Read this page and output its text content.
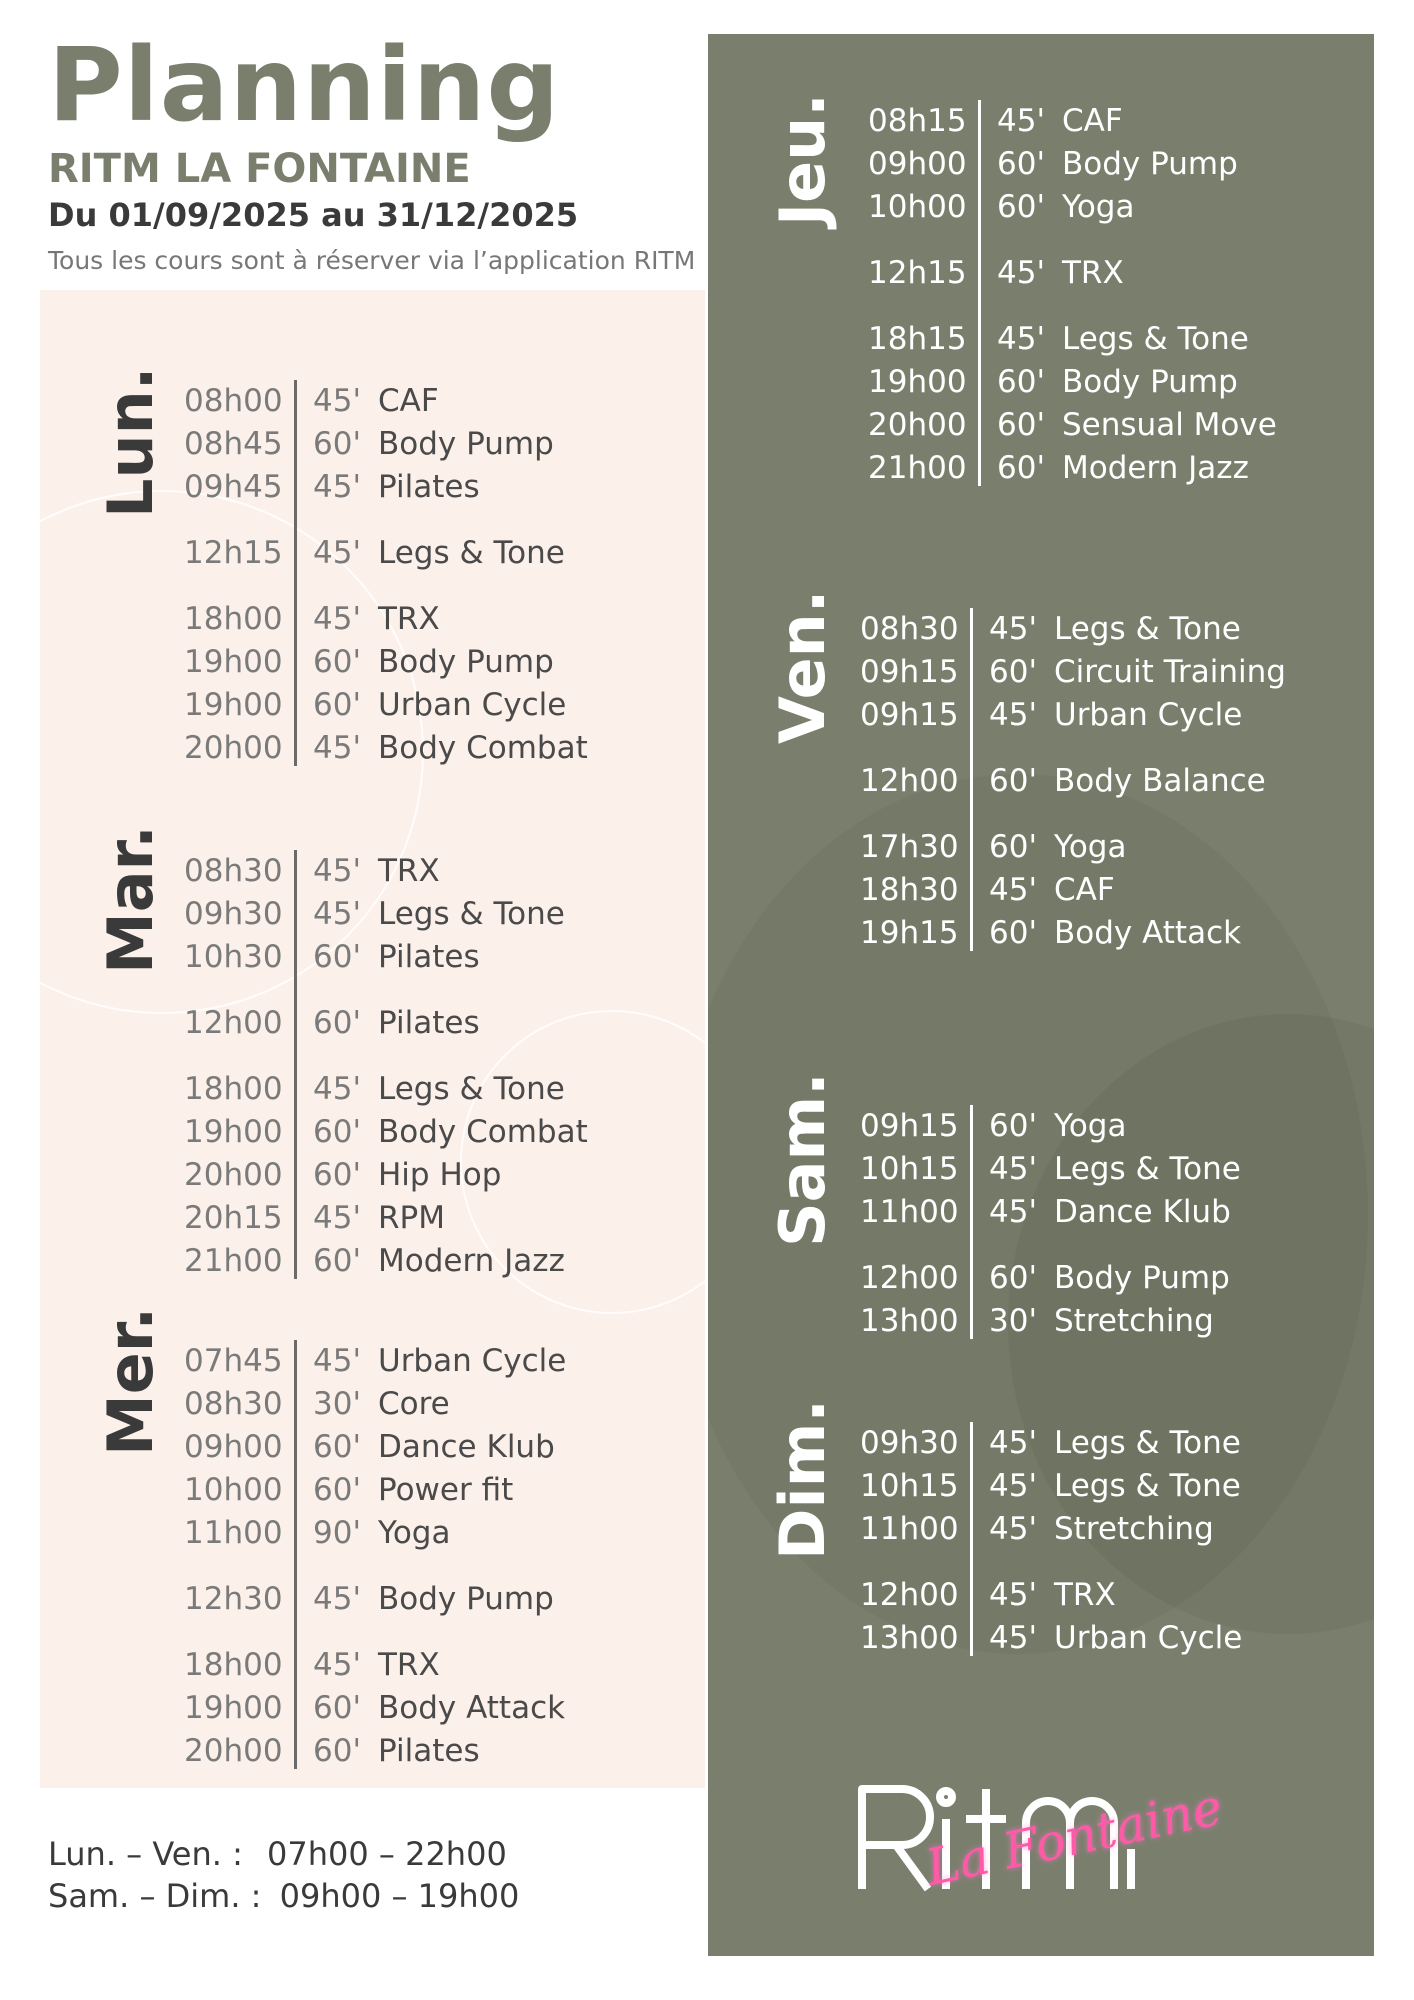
Planning
RITM LA FONTAINE
Du 01/09/2025 au 31/12/2025
Tous les cours sont à réserver via l’application RITM
Lun. 08h00 45' CAF
08h45 60' Body Pump
09h45 45' Pilates
12h15 45' Legs & Tone
18h00 45' TRX
19h00 60' Body Pump
19h00 60' Urban Cycle
20h00 45' Body Combat
Mar. 08h30 45' TRX
09h30 45' Legs & Tone
10h30 60' Pilates
12h00 60' Pilates
18h00 45' Legs & Tone
19h00 60' Body Combat
20h00 60' Hip Hop
20h15 45' RPM
21h00 60' Modern Jazz
Mer. 07h45 45' Urban Cycle
08h30 30' Core
09h00 60' Dance Klub
10h00 60' Power fit
11h00 90' Yoga
12h30 45' Body Pump
18h00 45' TRX
19h00 60' Body Attack
20h00 60' Pilates
Jeu. 08h15 45' CAF
09h00 60' Body Pump
10h00 60' Yoga
12h15 45' TRX
18h15 45' Legs & Tone
19h00 60' Body Pump
20h00 60' Sensual Move
21h00 60' Modern Jazz
Ven. 08h30 45' Legs & Tone
09h15 60' Circuit Training
09h15 45' Urban Cycle
12h00 60' Body Balance
17h30 60' Yoga
18h30 45' CAF
19h15 60' Body Attack
Sam. 09h15 60' Yoga
10h15 45' Legs & Tone
11h00 45' Dance Klub
12h00 60' Body Pump
13h00 30' Stretching
Dim. 09h30 45' Legs & Tone
10h15 45' Legs & Tone
11h00 45' Stretching
12h00 45' TRX
13h00 45' Urban Cycle
La Fontaine
Lun. – Ven. : 07h00 – 22h00
Sam. – Dim. : 09h00 – 19h00
